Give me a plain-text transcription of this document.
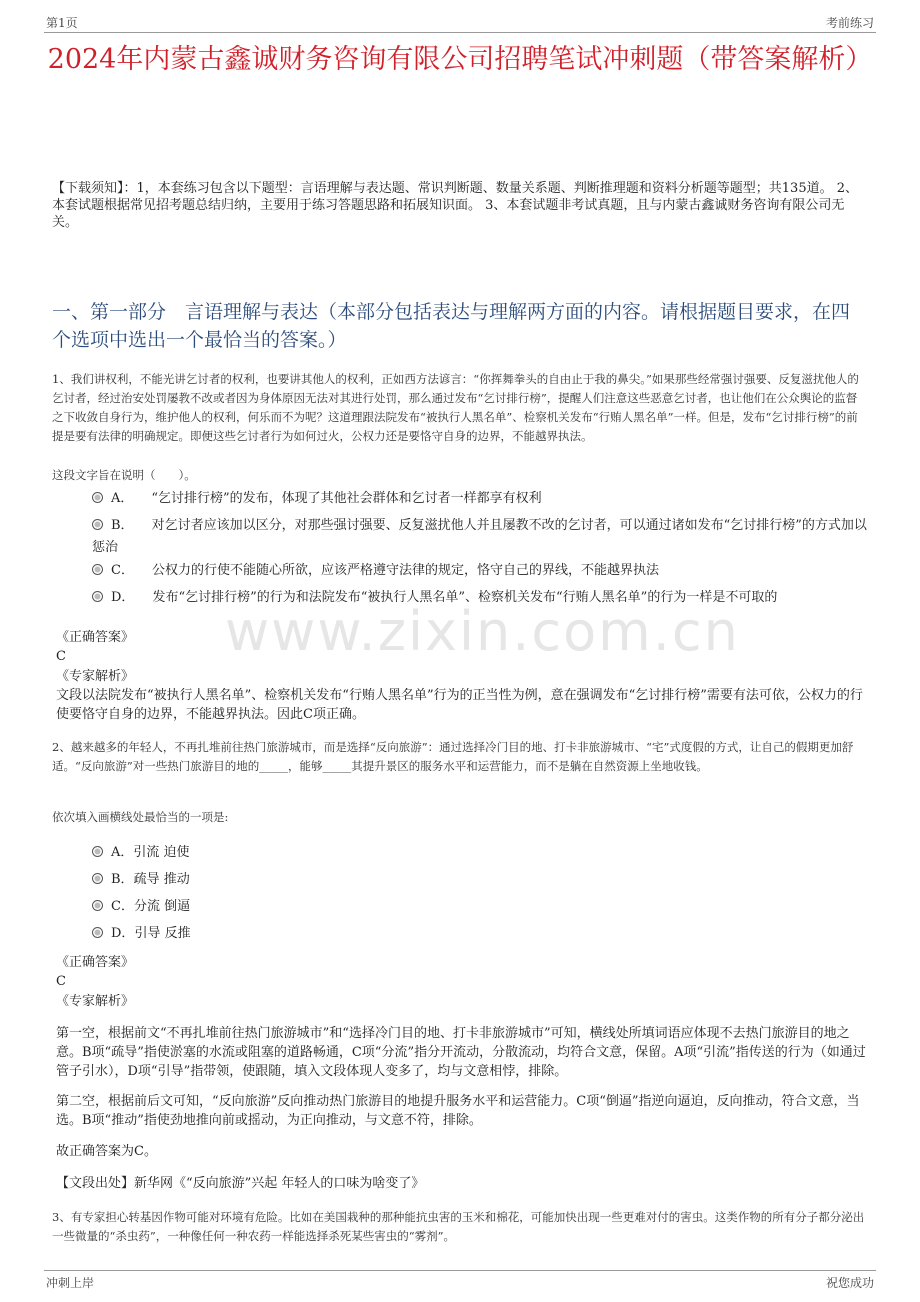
第1页	考前练习
2024年内蒙古鑫诚财务咨询有限公司招聘笔试冲刺题（带答案解析）
【下载须知】：1，本套练习包含以下题型：言语理解与表达题、常识判断题、数量关系题、判断推理题和资料分析题等题型；共135道。 2、本套试题根据常见招考题总结归纳，主要用于练习答题思路和拓展知识面。 3、本套试题非考试真题，且与内蒙古鑫诚财务咨询有限公司无关。
一、第一部分　言语理解与表达（本部分包括表达与理解两方面的内容。请根据题目要求，在四个选项中选出一个最恰当的答案。）
1、我们讲权利，不能光讲乞讨者的权利，也要讲其他人的权利，正如西方法谚言：“你挥舞拳头的自由止于我的鼻尖。”如果那些经常强讨强要、反复滋扰他人的乞讨者，经过治安处罚屡教不改或者因为身体原因无法对其进行处罚，那么通过发布“乞讨排行榜”，提醒人们注意这些恶意乞讨者，也让他们在公众舆论的监督之下收敛自身行为，维护他人的权利，何乐而不为呢？这道理跟法院发布“被执行人黑名单”、检察机关发布“行贿人黑名单”一样。但是，发布“乞讨排行榜”的前提是要有法律的明确规定。即便这些乞讨者行为如何过火，公权力还是要恪守自身的边界，不能越界执法。
这段文字旨在说明（　　）。
A． “乞讨排行榜”的发布，体现了其他社会群体和乞讨者一样都享有权利
B． 对乞讨者应该加以区分，对那些强讨强要、反复滋扰他人并且屡教不改的乞讨者，可以通过诸如发布“乞讨排行榜”的方式加以惩治
C． 公权力的行使不能随心所欲，应该严格遵守法律的规定，恪守自己的界线，不能越界执法
D． 发布“乞讨排行榜”的行为和法院发布“被执行人黑名单”、检察机关发布“行贿人黑名单”的行为一样是不可取的
www.zixin.com.cn
《正确答案》
C
《专家解析》
文段以法院发布“被执行人黑名单”、检察机关发布“行贿人黑名单”行为的正当性为例，意在强调发布“乞讨排行榜”需要有法可依，公权力的行使要恪守自身的边界，不能越界执法。因此C项正确。
2、越来越多的年轻人，不再扎堆前往热门旅游城市，而是选择“反向旅游”：通过选择冷门目的地、打卡非旅游城市、“宅”式度假的方式，让自己的假期更加舒适。“反向旅游”对一些热门旅游目的地的_____，能够_____其提升景区的服务水平和运营能力，而不是躺在自然资源上坐地收钱。
依次填入画横线处最恰当的一项是:
A．引流 迫使
B．疏导 推动
C．分流 倒逼
D．引导 反推
《正确答案》
C
《专家解析》
第一空，根据前文“不再扎堆前往热门旅游城市”和“选择冷门目的地、打卡非旅游城市”可知，横线处所填词语应体现不去热门旅游目的地之意。B项“疏导”指使淤塞的水流或阻塞的道路畅通，C项“分流”指分开流动，分散流动，均符合文意，保留。A项“引流”指传送的行为（如通过管子引水），D项“引导”指带领，使跟随，填入文段体现人变多了，均与文意相悖，排除。
第二空，根据前后文可知，“反向旅游”反向推动热门旅游目的地提升服务水平和运营能力。C项“倒逼”指逆向逼迫，反向推动，符合文意，当选。B项“推动”指使劲地推向前或摇动，为正向推动，与文意不符，排除。
故正确答案为C。
【文段出处】新华网《“反向旅游”兴起 年轻人的口味为啥变了》
3、有专家担心转基因作物可能对环境有危险。比如在美国栽种的那种能抗虫害的玉米和棉花，可能加快出现一些更难对付的害虫。这类作物的所有分子都分泌出一些微量的“杀虫药”，一种像任何一种农药一样能选择杀死某些害虫的“雾剂”。
冲刺上岸	祝您成功
